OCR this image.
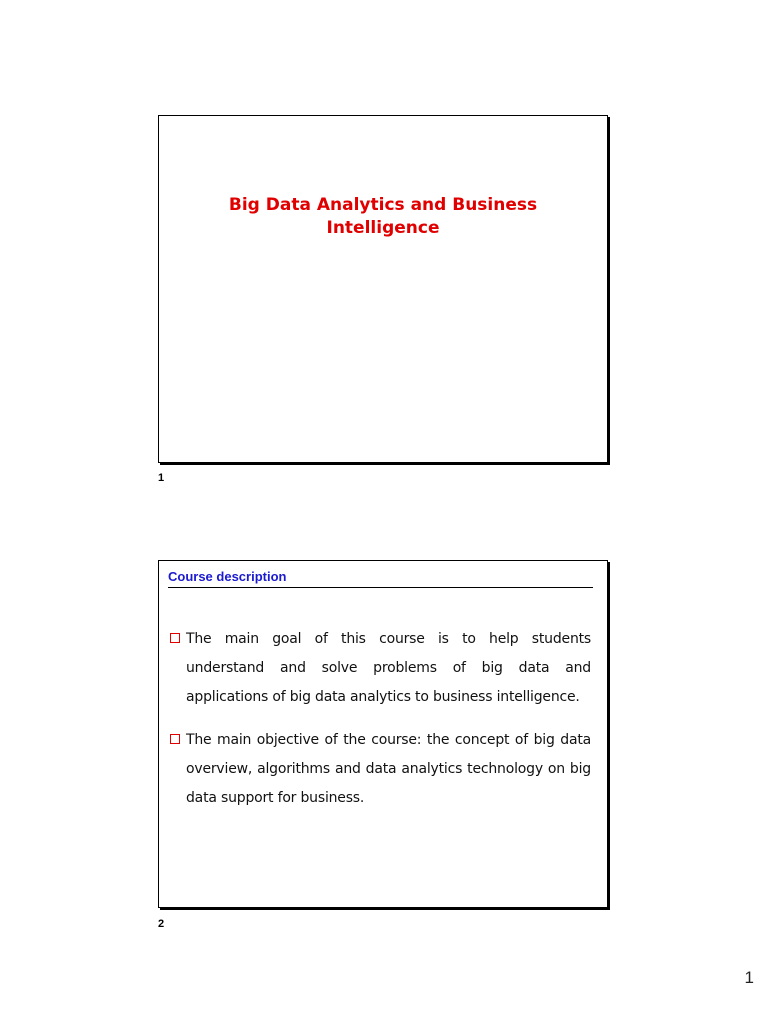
Big Data Analytics and Business Intelligence
1
Course description
The main goal of this course is to help students understand and solve problems of big data and applications of big data analytics to business intelligence.
The main objective of the course: the concept of big data overview, algorithms and data analytics technology on big data support for business.
2
1
